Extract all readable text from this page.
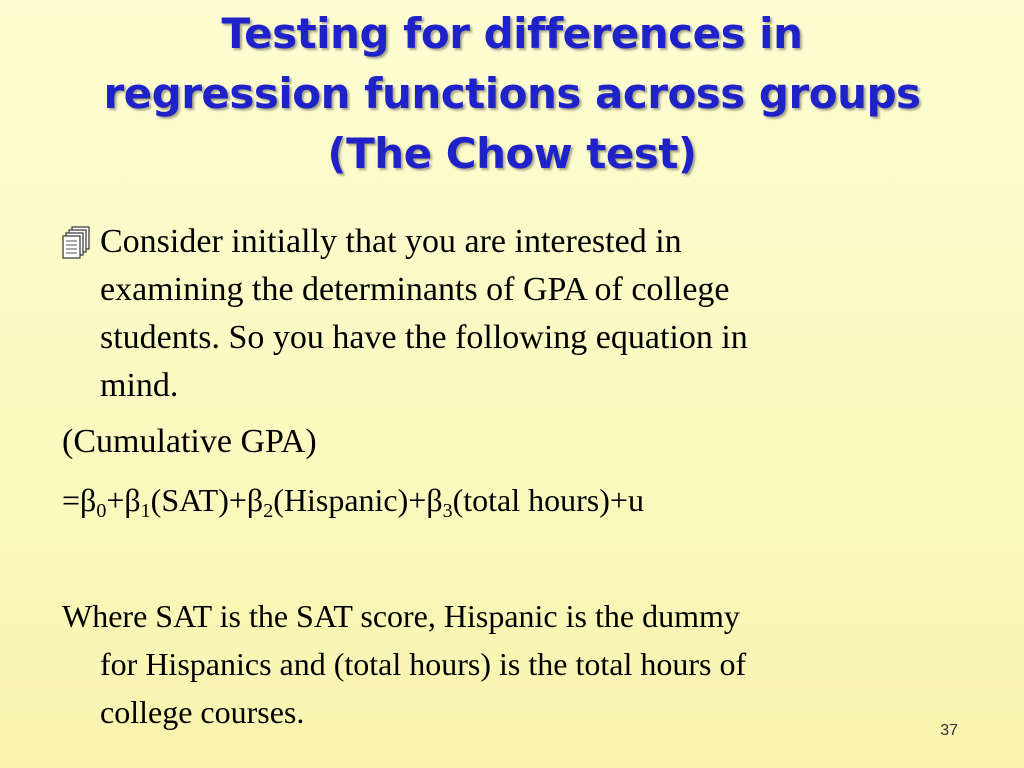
Testing for differences in
regression functions across groups
(The Chow test)
Consider initially that you are interested in
examining the determinants of GPA of college
students. So you have the following equation in
mind.
(Cumulative GPA)
$=\beta_0+\beta_1(SAT)+\beta_2(Hispanic)+\beta_3(total$ hours)+u
Where SAT is the SAT score, Hispanic is the dummy
for Hispanics and (total hours) is the total hours of
college courses.
37
